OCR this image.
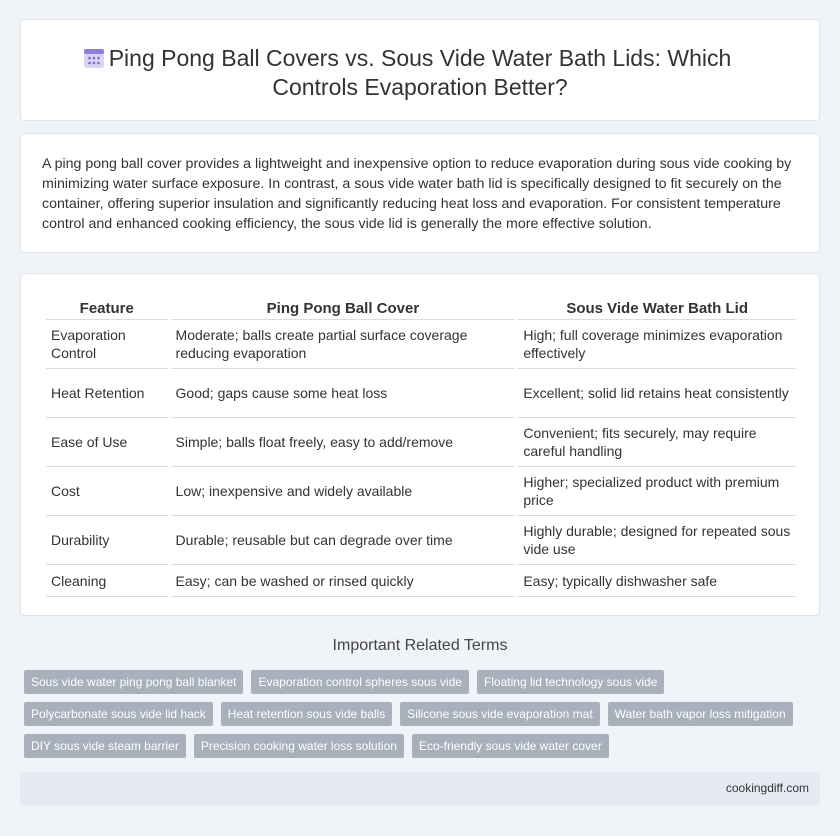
Ping Pong Ball Covers vs. Sous Vide Water Bath Lids: Which Controls Evaporation Better?

A ping pong ball cover provides a lightweight and inexpensive option to reduce evaporation during sous vide cooking by minimizing water surface exposure. In contrast, a sous vide water bath lid is specifically designed to fit securely on the container, offering superior insulation and significantly reducing heat loss and evaporation. For consistent temperature control and enhanced cooking efficiency, the sous vide lid is generally the more effective solution.

Feature	Ping Pong Ball Cover	Sous Vide Water Bath Lid
Evaporation Control	Moderate; balls create partial surface coverage reducing evaporation	High; full coverage minimizes evaporation effectively
Heat Retention	Good; gaps cause some heat loss	Excellent; solid lid retains heat consistently
Ease of Use	Simple; balls float freely, easy to add/remove	Convenient; fits securely, may require careful handling
Cost	Low; inexpensive and widely available	Higher; specialized product with premium price
Durability	Durable; reusable but can degrade over time	Highly durable; designed for repeated sous vide use
Cleaning	Easy; can be washed or rinsed quickly	Easy; typically dishwasher safe
Important Related Terms
Sous vide water ping pong ball blanket	Evaporation control spheres sous vide	Floating lid technology sous vide
Polycarbonate sous vide lid hack	Heat retention sous vide balls	Silicone sous vide evaporation mat	Water bath vapor loss mitigation
DIY sous vide steam barrier	Precision cooking water loss solution	Eco-friendly sous vide water cover
cookingdiff.com
